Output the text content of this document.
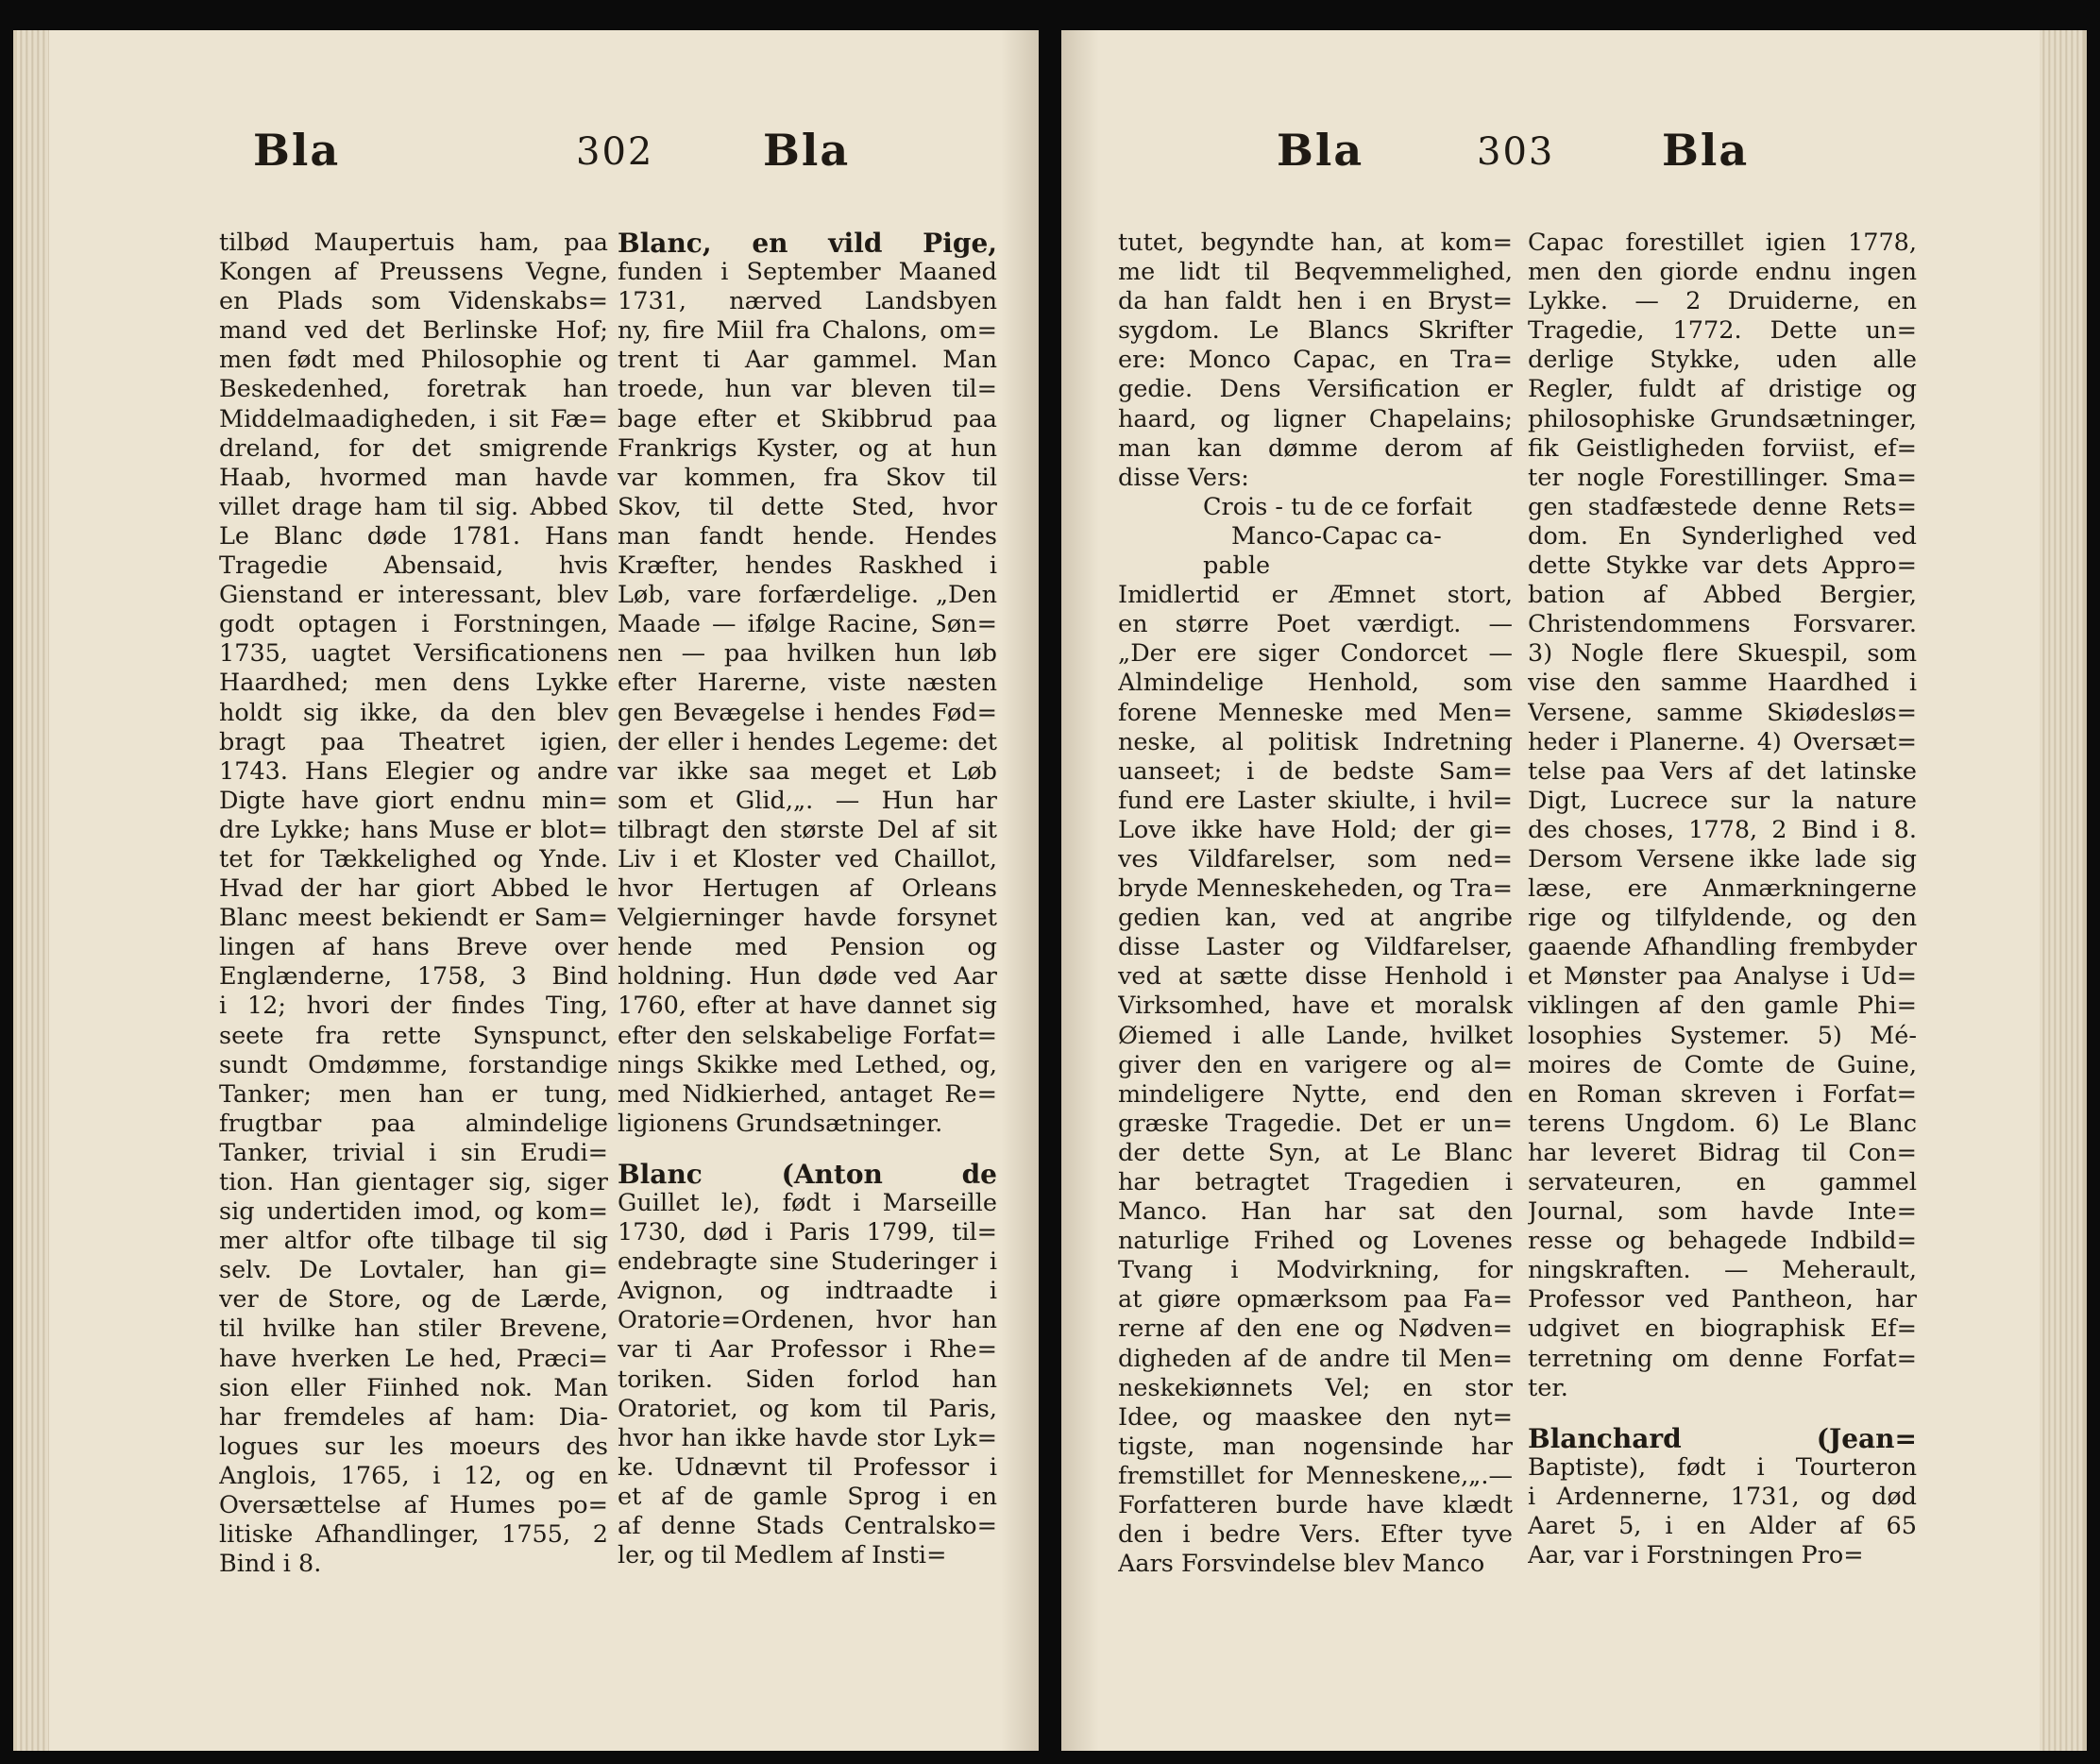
Bla	302	Bla
tilbød Maupertuis ham, paa
Kongen af Preussens Vegne,
en Plads som Videnskabs=
mand ved det Berlinske Hof;
men født med Philosophie og
Beskedenhed, foretrak han
Middelmaadigheden, i sit Fæ=
dreland, for det smigrende
Haab, hvormed man havde
villet drage ham til sig. Abbed
Le Blanc døde 1781. Hans
Tragedie Abensaid, hvis
Gienstand er interessant, blev
godt optagen i Forstningen,
1735, uagtet Versificationens
Haardhed; men dens Lykke
holdt sig ikke, da den blev
bragt paa Theatret igien,
1743. Hans Elegier og andre
Digte have giort endnu min=
dre Lykke; hans Muse er blot=
tet for Tækkelighed og Ynde.
Hvad der har giort Abbed le
Blanc meest bekiendt er Sam=
lingen af hans Breve over
Englænderne, 1758, 3 Bind
i 12; hvori der findes Ting,
seete fra rette Synspunct,
sundt Omdømme, forstandige
Tanker; men han er tung,
frugtbar paa almindelige
Tanker, trivial i sin Erudi=
tion. Han gientager sig, siger
sig undertiden imod, og kom=
mer altfor ofte tilbage til sig
selv. De Lovtaler, han gi=
ver de Store, og de Lærde,
til hvilke han stiler Brevene,
have hverken Le hed, Præci=
sion eller Fiinhed nok. Man
har fremdeles af ham: Dia-
logues sur les moeurs des
Anglois, 1765, i 12, og en
Oversættelse af Humes po=
litiske Afhandlinger, 1755, 2
Bind i 8.
Blanc, en vild Pige,
funden i September Maaned
1731, nærved Landsbyen
ny, fire Miil fra Chalons, om=
trent ti Aar gammel. Man
troede, hun var bleven til=
bage efter et Skibbrud paa
Frankrigs Kyster, og at hun
var kommen, fra Skov til
Skov, til dette Sted, hvor
man fandt hende. Hendes
Kræfter, hendes Raskhed i
Løb, vare forfærdelige. „Den
Maade — ifølge Racine, Søn=
nen — paa hvilken hun løb
efter Harerne, viste næsten
gen Bevægelse i hendes Fød=
der eller i hendes Legeme: det
var ikke saa meget et Løb
som et Glid,„. — Hun har
tilbragt den største Del af sit
Liv i et Kloster ved Chaillot,
hvor Hertugen af Orleans
Velgierninger havde forsynet
hende med Pension og
holdning. Hun døde ved Aar
1760, efter at have dannet sig
efter den selskabelige Forfat=
nings Skikke med Lethed, og,
med Nidkierhed, antaget Re=
ligionens Grundsætninger.
Blanc (Anton de
Guillet le), født i Marseille
1730, død i Paris 1799, til=
endebragte sine Studeringer i
Avignon, og indtraadte i
Oratorie=Ordenen, hvor han
var ti Aar Professor i Rhe=
toriken. Siden forlod han
Oratoriet, og kom til Paris,
hvor han ikke havde stor Lyk=
ke. Udnævnt til Professor i
et af de gamle Sprog i en
af denne Stads Centralsko=
ler, og til Medlem af Insti=
Bla	303 Bla
tutet, begyndte han, at kom=
me lidt til Beqvemmelighed,
da han faldt hen i en Bryst=
sygdom. Le Blancs Skrifter
ere: Monco Capac, en Tra=
gedie. Dens Versification er
haard, og ligner Chapelains;
man kan dømme derom af
disse Vers:
Crois - tu de ce forfait
Manco-Capac ca-
pable
Imidlertid er Æmnet stort,
en større Poet værdigt. —
„Der ere siger Condorcet —
Almindelige Henhold, som
forene Menneske med Men=
neske, al politisk Indretning
uanseet; i de bedste Sam=
fund ere Laster skiulte, i hvil=
Love ikke have Hold; der gi=
ves Vildfarelser, som ned=
bryde Menneskeheden, og Tra=
gedien kan, ved at angribe
disse Laster og Vildfarelser,
ved at sætte disse Henhold i
Virksomhed, have et moralsk
Øiemed i alle Lande, hvilket
giver den en varigere og al=
mindeligere Nytte, end den
græske Tragedie. Det er un=
der dette Syn, at Le Blanc
har betragtet Tragedien i
Manco. Han har sat den
naturlige Frihed og Lovenes
Tvang i Modvirkning, for
at giøre opmærksom paa Fa=
rerne af den ene og Nødven=
digheden af de andre til Men=
neskekiønnets Vel; en stor
Idee, og maaskee den nyt=
tigste, man nogensinde har
fremstillet for Menneskene,„.—
Forfatteren burde have klædt
den i bedre Vers. Efter tyve
Aars Forsvindelse blev Manco
Capac forestillet igien 1778,
men den giorde endnu ingen
Lykke. — 2 Druiderne, en
Tragedie, 1772. Dette un=
derlige Stykke, uden alle
Regler, fuldt af dristige og
philosophiske Grundsætninger,
fik Geistligheden forviist, ef=
ter nogle Forestillinger. Sma=
gen stadfæstede denne Rets=
dom. En Synderlighed ved
dette Stykke var dets Appro=
bation af Abbed Bergier,
Christendommens Forsvarer.
3) Nogle flere Skuespil, som
vise den samme Haardhed i
Versene, samme Skiødesløs=
heder i Planerne. 4) Oversæt=
telse paa Vers af det latinske
Digt, Lucrece sur la nature
des choses, 1778, 2 Bind i 8.
Dersom Versene ikke lade sig
læse, ere Anmærkningerne
rige og tilfyldende, og den
gaaende Afhandling frembyder
et Mønster paa Analyse i Ud=
viklingen af den gamle Phi=
losophies Systemer. 5) Mé-
moires de Comte de Guine,
en Roman skreven i Forfat=
terens Ungdom. 6) Le Blanc
har leveret Bidrag til Con=
servateuren, en gammel
Journal, som havde Inte=
resse og behagede Indbild=
ningskraften. — Meherault,
Professor ved Pantheon, har
udgivet en biographisk Ef=
terretning om denne Forfat=
ter.
Blanchard (Jean=
Baptiste), født i Tourteron
i Ardennerne, 1731, og død
Aaret 5, i en Alder af 65
Aar, var i Forstningen Pro=
